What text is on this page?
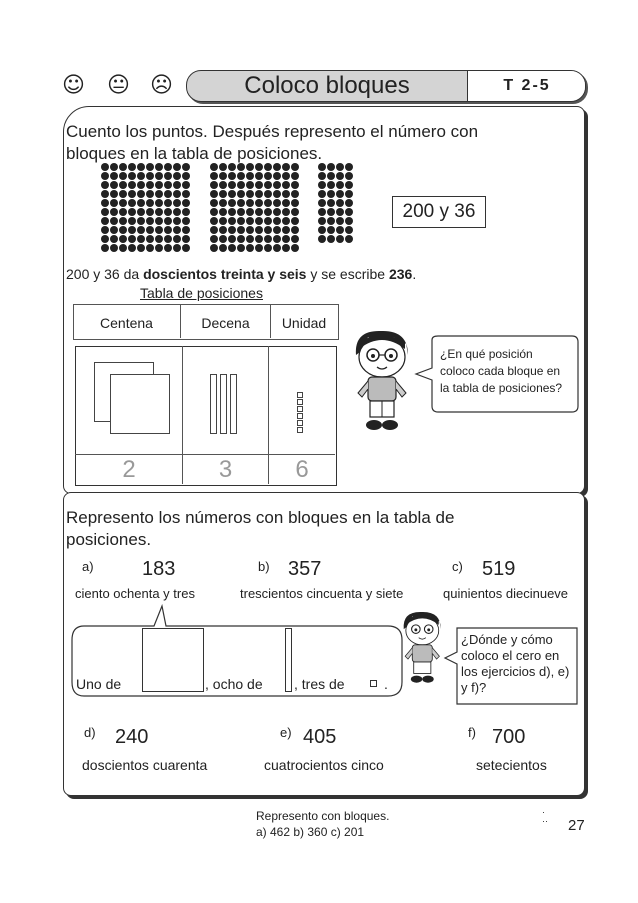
☺ 😐 ☹	Coloco bloques	T 2-5
Cuento los puntos. Después represento el número con
bloques en la tabla de posiciones.
200 y 36
200 y 36 da doscientos treinta y seis y se escribe 236.
Tabla de posiciones
Centena	Decena	Unidad
2	3	6
¿En qué posición coloco cada bloque en la tabla de posiciones?
Represento los números con bloques en la tabla de
posiciones.
a) 183
ciento ochenta y tres
b) 357
trescientos cincuenta y siete
c) 519
quinientos diecinueve
Uno de	, ocho de , tres de	.
¿Dónde y cómo coloco el cero en los ejercicios d), e) y f)?
d) 240
doscientos cuarenta
e) 405
cuatrocientos cinco
f) 700
setecientos
Represento con bloques.
a) 462 b) 360 c) 201
·
·· 27
